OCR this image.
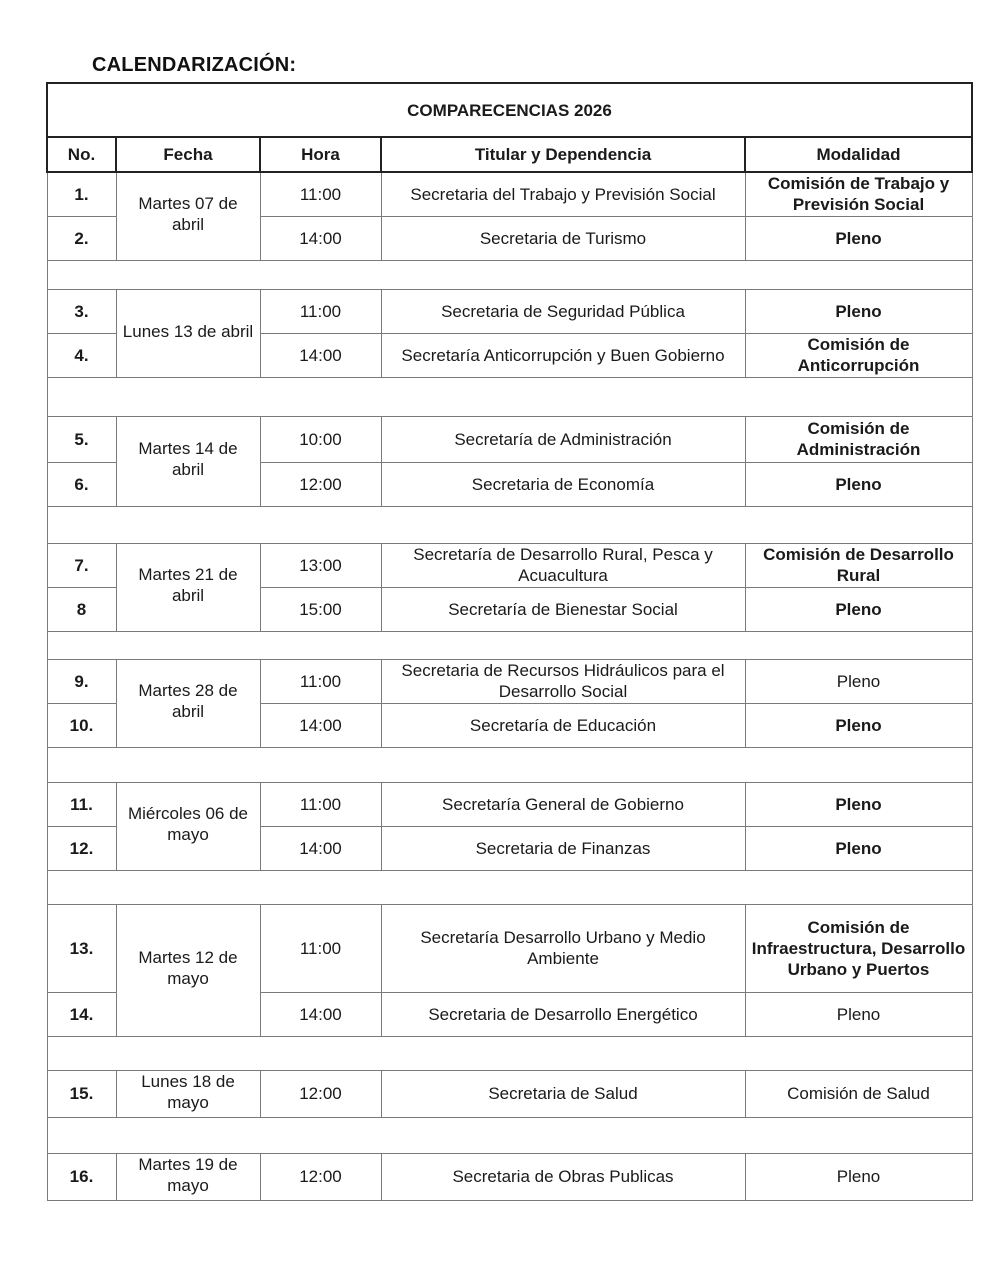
CALENDARIZACIÓN:
COMPARECENCIAS 2026				
No.	Fecha	Hora	Titular y Dependencia	Modalidad
1.	Martes 07 de abril	11:00	Secretaria del Trabajo y Previsión Social	Comisión de Trabajo y Previsión Social
2.		14:00	Secretaria de Turismo	Pleno

3.	Lunes 13 de abril	11:00	Secretaria de Seguridad Pública	Pleno
4.		14:00	Secretaría Anticorrupción y Buen Gobierno	Comisión de Anticorrupción

5.	Martes 14 de abril	10:00	Secretaría de Administración	Comisión de Administración
6.		12:00	Secretaria de Economía	Pleno

7.	Martes 21 de abril	13:00	Secretaría de Desarrollo Rural, Pesca y Acuacultura	Comisión de Desarrollo Rural
8		15:00	Secretaría de Bienestar Social	Pleno

9.	Martes 28 de abril	11:00	Secretaria de Recursos Hidráulicos para el Desarrollo Social	Pleno
10.		14:00	Secretaría de Educación	Pleno

11.	Miércoles 06 de mayo	11:00	Secretaría General de Gobierno	Pleno
12.		14:00	Secretaria de Finanzas	Pleno

13.	Martes 12 de mayo	11:00	Secretaría Desarrollo Urbano y Medio Ambiente	Comisión de Infraestructura, Desarrollo Urbano y Puertos
14.		14:00	Secretaria de Desarrollo Energético	Pleno

15.	Lunes 18 de mayo	12:00	Secretaria de Salud	Comisión de Salud

16.	Martes 19 de mayo	12:00	Secretaria de Obras Publicas	Pleno
